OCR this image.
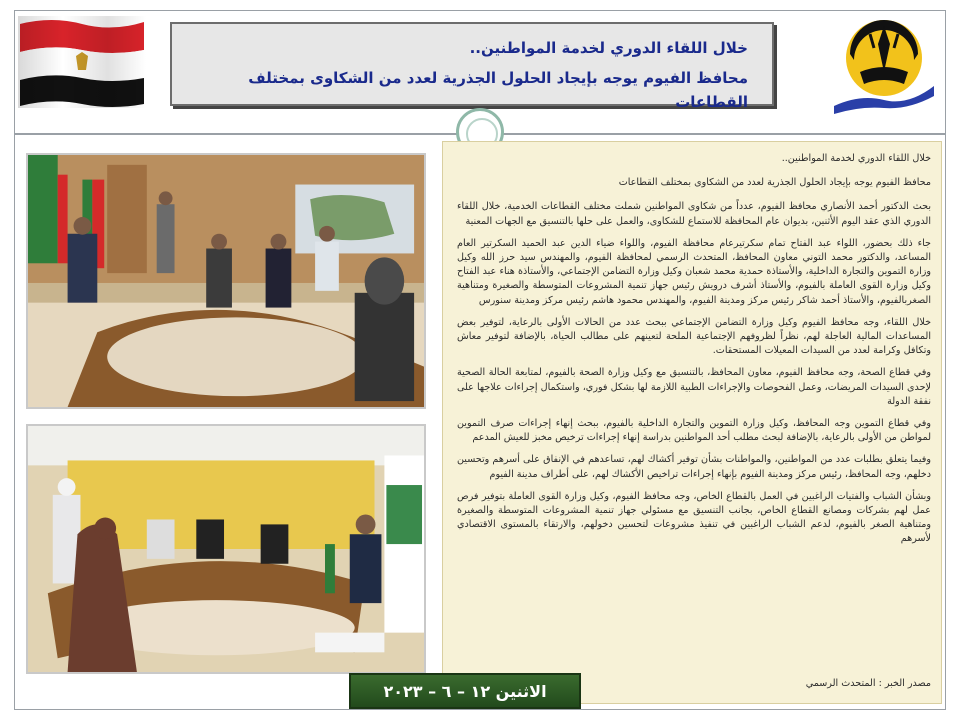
خلال اللقاء الدوري لخدمة المواطنين..
محافظ الفيوم يوجه بإيجاد الحلول الجذرية لعدد من الشكاوى بمختلف القطاعات

خلال اللقاء الدوري لخدمة المواطنين..

محافظ الفيوم يوجه بإيجاد الحلول الجذرية لعدد من الشكاوى بمختلف القطاعات

بحث الدكتور أحمد الأنصاري محافظ الفيوم، عدداً من شكاوى المواطنين شملت مختلف القطاعات الخدمية، خلال اللقاء الدوري الذي عقد اليوم الأثنين، بديوان عام المحافظة للاستماع للشكاوى، والعمل على حلها بالتنسيق مع الجهات المعنية

جاء ذلك بحضور، اللواء عبد الفتاح تمام سكرتيرعام محافظة الفيوم، واللواء ضياء الدين عبد الحميد السكرتير العام المساعد، والدكتور محمد التوني معاون المحافظ، المتحدث الرسمي لمحافظة الفيوم، والمهندس سيد حرز الله وكيل وزارة التموين والتجارة الداخلية، والأستاذة حمدية محمد شعبان وكيل وزارة التضامن الإجتماعي، والأستاذة هناء عبد الفتاح وكيل وزارة القوى العاملة بالفيوم، والأستاذ أشرف درويش رئيس جهاز تنمية المشروعات المتوسطة والصغيرة ومتناهية الصغربالفيوم، والأستاذ أحمد شاكر رئيس مركز ومدينة الفيوم، والمهندس محمود هاشم رئيس مركز ومدينة سنورس

خلال اللقاء، وجه محافظ الفيوم وكيل وزارة التضامن الإجتماعي ببحث عدد من الحالات الأولى بالرعاية، لتوفير بعض المساعدات المالية العاجلة لهم، نظراً لظروفهم الإجتماعية الملحة لتعينهم على مطالب الحياة، بالإضافة لتوفير معاش وتكافل وكرامة لعدد من السيدات المعيلات المستحقات.

وفي قطاع الصحة، وجه محافظ الفيوم، معاون المحافظ، بالتنسيق مع وكيل وزارة الصحة بالفيوم، لمتابعة الحالة الصحية لإحدى السيدات المريضات، وعمل الفحوصات والإجراءات الطبية اللازمة لها بشكل فوري، واستكمال إجراءات علاجها على نفقة الدولة

وفي قطاع التموين وجه المحافظ، وكيل وزارة التموين والتجارة الداخلية بالفيوم، ببحث إنهاء إجراءات صرف التموين لمواطن من الأولى بالرعاية، بالإضافة لبحث مطلب أحد المواطنين بدراسة إنهاء إجراءات ترخيص مخبز للعيش المدعم

وفيما يتعلق بطلبات عدد من المواطنين، والمواطنات بشأن توفير أكشاك لهم، تساعدهم في الإنفاق على أسرهم وتحسين دخلهم، وجه المحافظ، رئيس مركز ومدينة الفيوم بإنهاء إجراءات تراخيص الأكشاك لهم، على أطراف مدينة الفيوم

وبشأن الشباب والفتيات الراغبين في العمل بالقطاع الخاص، وجه محافظ الفيوم، وكيل وزارة القوى العاملة بتوفير فرص عمل لهم بشركات ومصانع القطاع الخاص، بجانب التنسيق مع مسئولي جهاز تنمية المشروعات المتوسطة والصغيرة ومتناهية الصغر بالفيوم، لدعم الشباب الراغبين في تنفيذ مشروعات لتحسين دخولهم، والارتقاء بالمستوى الاقتصادي لأسرهم

مصدر الخبر : المتحدث الرسمي
الاثنين ١٢ – ٦ – ٢٠٢٣
